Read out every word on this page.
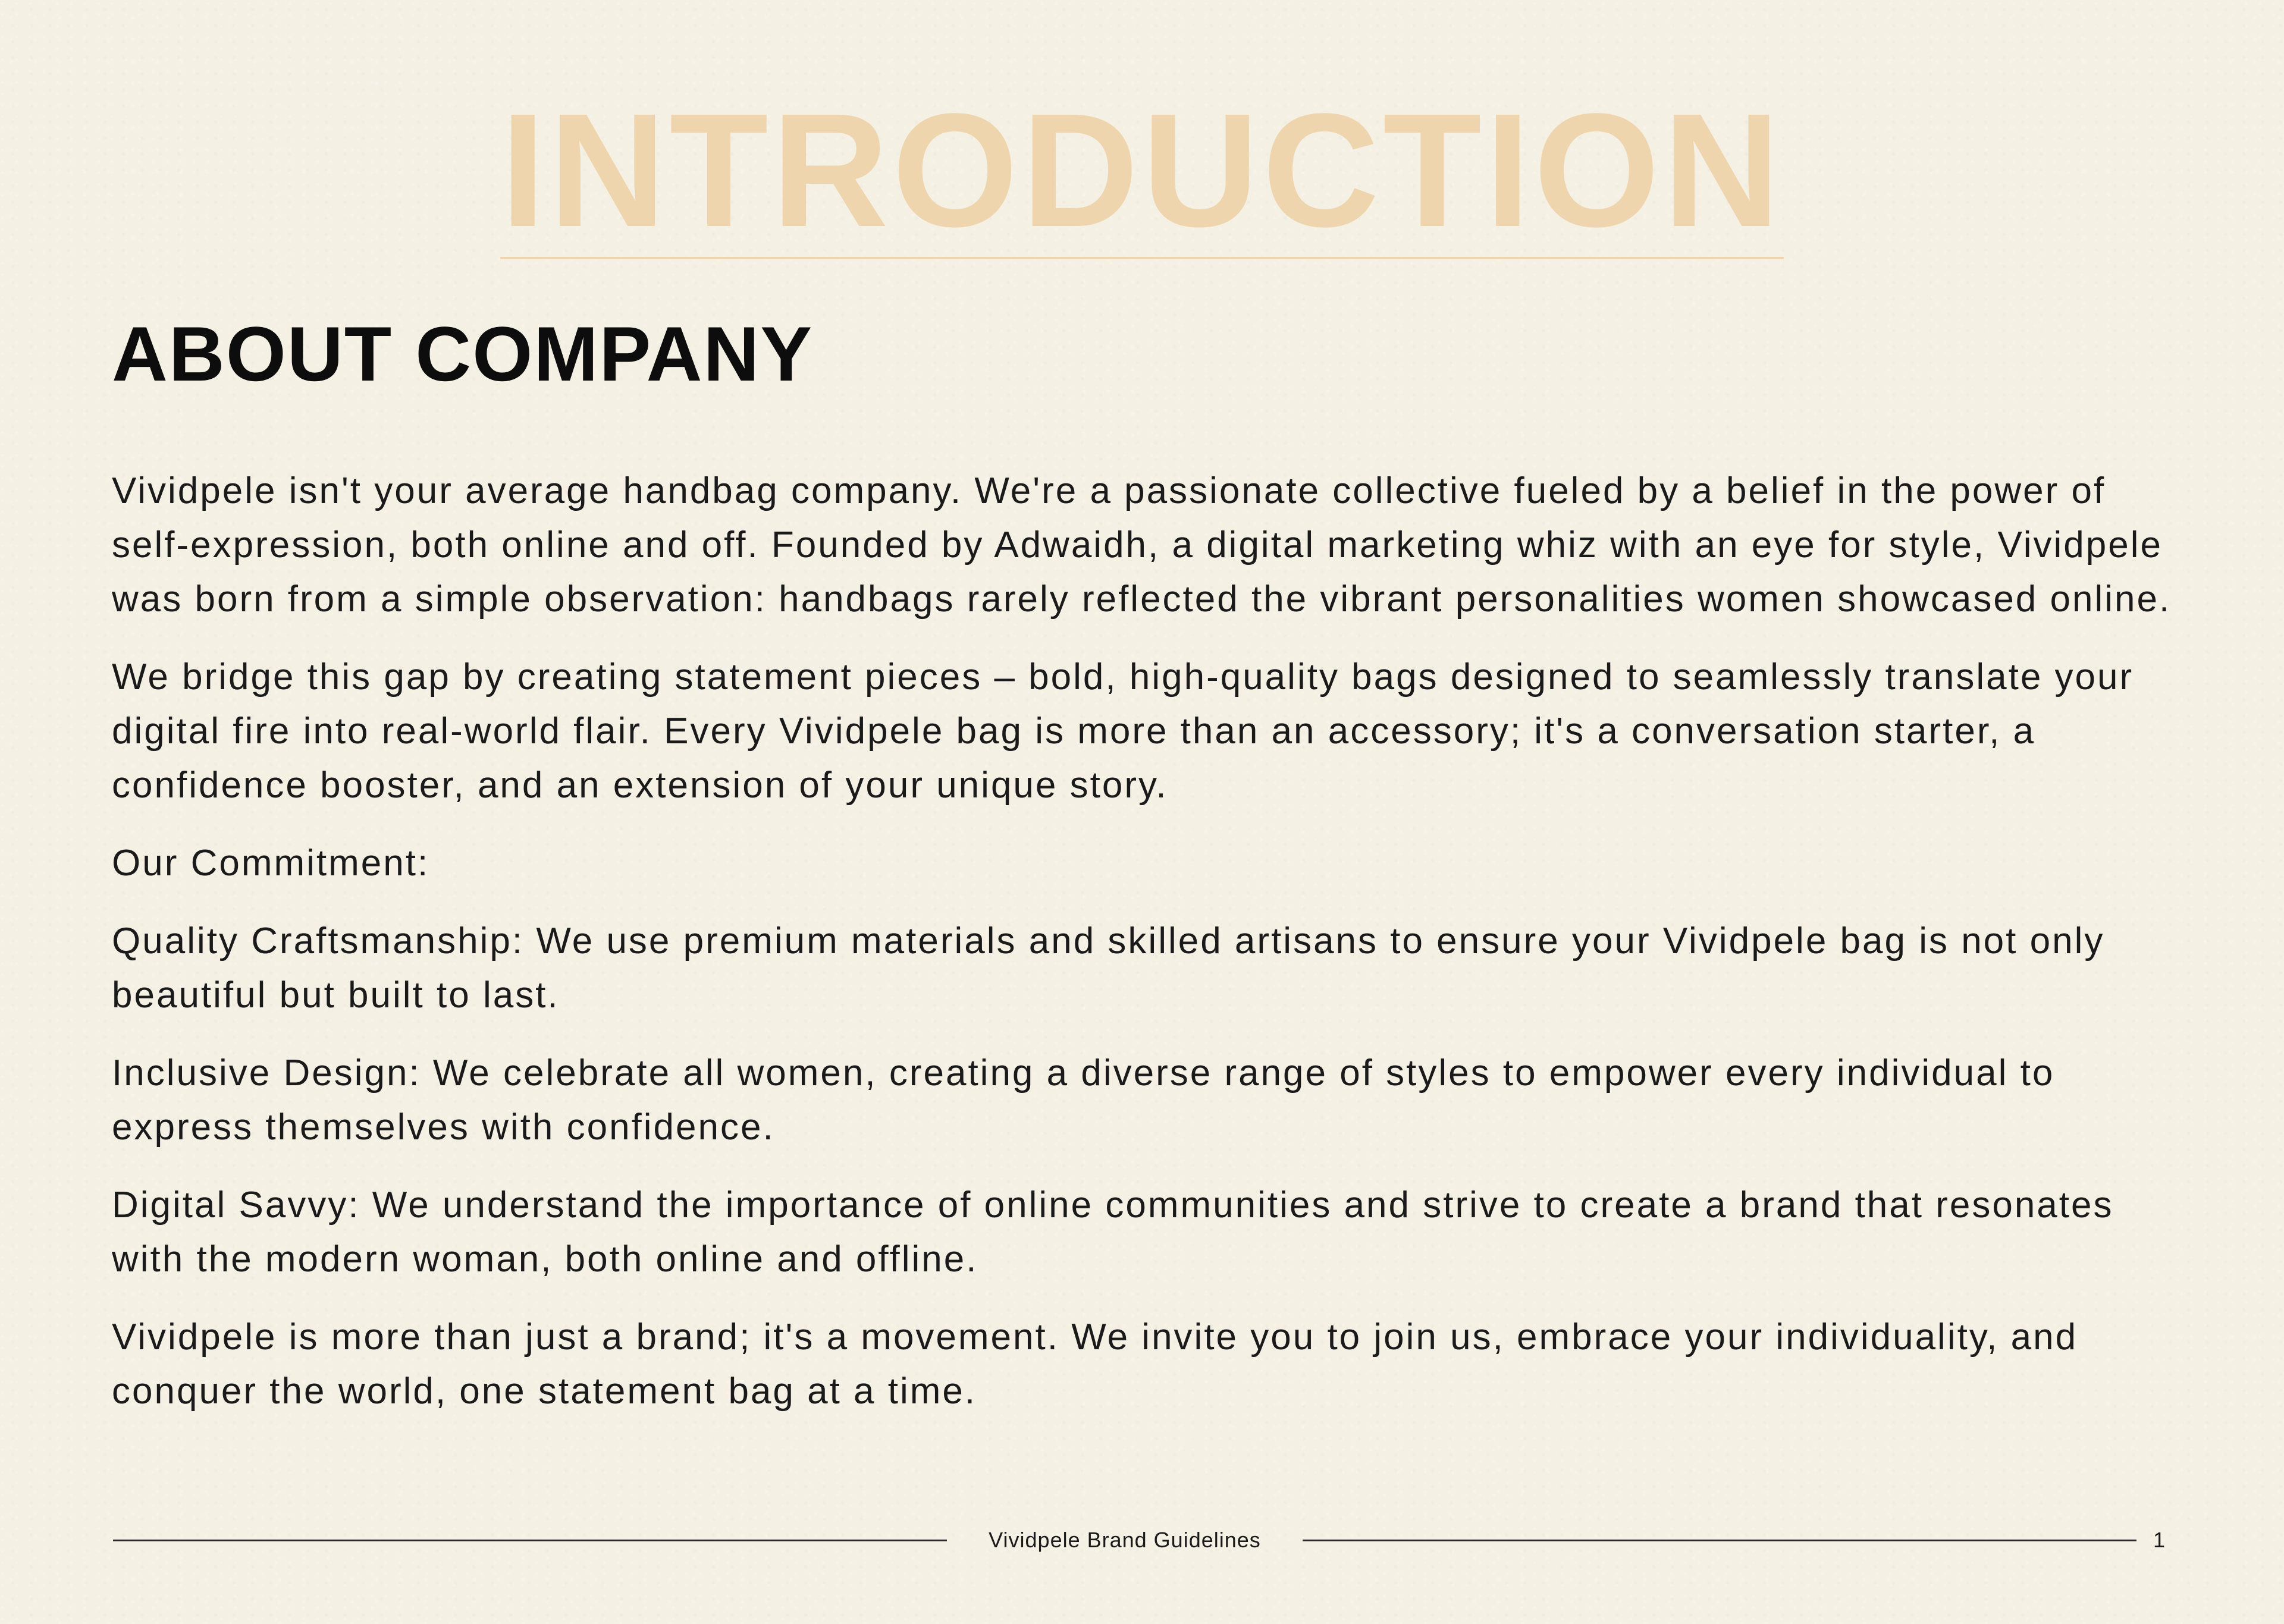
INTRODUCTION
ABOUT COMPANY

Vividpele isn't your average handbag company. We're a passionate collective fueled by a belief in the power of self-expression, both online and off. Founded by Adwaidh, a digital marketing whiz with an eye for style, Vividpele was born from a simple observation: handbags rarely reflected the vibrant personalities women showcased online.

We bridge this gap by creating statement pieces – bold, high-quality bags designed to seamlessly translate your digital fire into real-world flair. Every Vividpele bag is more than an accessory; it's a conversation starter, a confidence booster, and an extension of your unique story.

Our Commitment:

Quality Craftsmanship: We use premium materials and skilled artisans to ensure your Vividpele bag is not only beautiful but built to last.

Inclusive Design: We celebrate all women, creating a diverse range of styles to empower every individual to express themselves with confidence.

Digital Savvy: We understand the importance of online communities and strive to create a brand that resonates with the modern woman, both online and offline.

Vividpele is more than just a brand; it's a movement. We invite you to join us, embrace your individuality, and conquer the world, one statement bag at a time.

Vividpele Brand Guidelines	1
